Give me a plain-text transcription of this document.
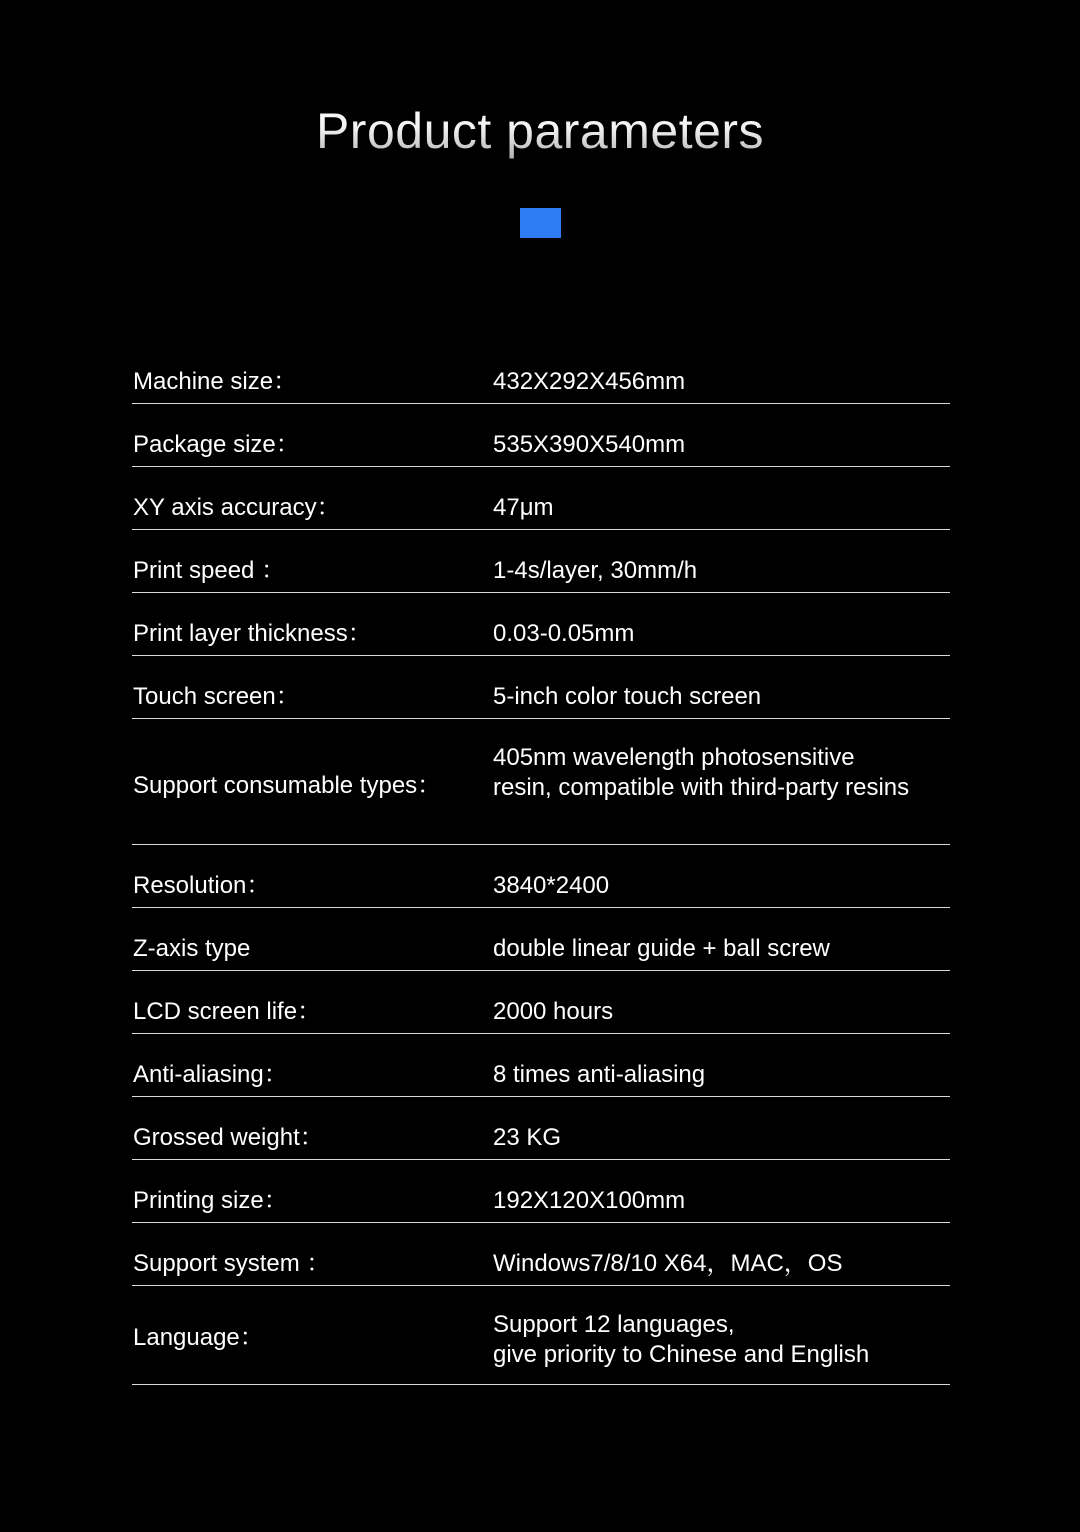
Product parameters
Machine size：	432X292X456mm
Package size：	535X390X540mm
XY axis accuracy：	47μm
Print speed ：	1-4s/layer, 30mm/h
Print layer thickness：	0.03-0.05mm
Touch screen：	5-inch color touch screen
Support consumable types：
405nm wavelength photosensitive
resin, compatible with third-party resins
Resolution：	3840*2400
Z-axis type	double linear guide + ball screw
LCD screen life：	2000 hours
Anti-aliasing：	8 times anti-aliasing
Grossed weight：	23 KG
Printing size：	192X120X100mm
Support system ：	Windows7/8/10 X64，MAC，OS
Language：	Support 12 languages,
give priority to Chinese and English
